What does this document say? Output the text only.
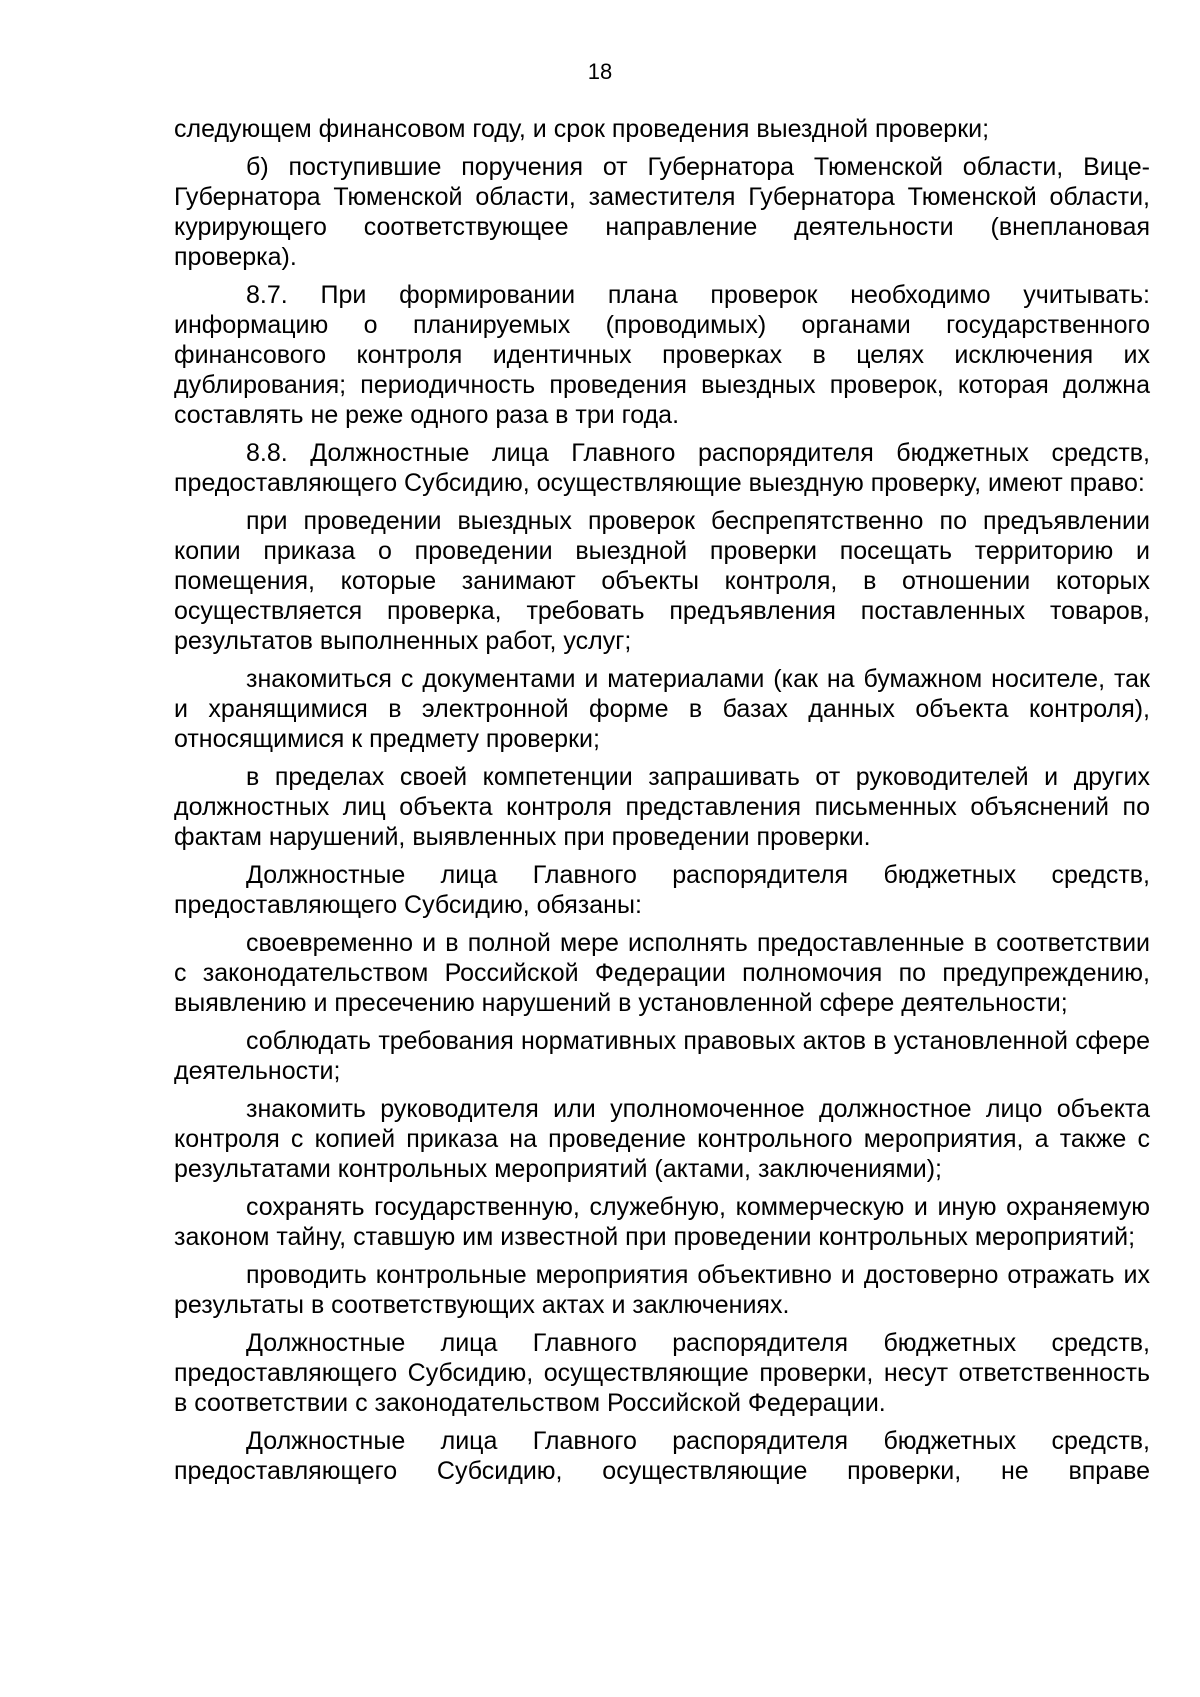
18

следующем финансовом году, и срок проведения выездной проверки;

б) поступившие поручения от Губернатора Тюменской области, Вице-Губернатора Тюменской области, заместителя Губернатора Тюменской области, курирующего соответствующее направление деятельности (внеплановая проверка).

8.7. При формировании плана проверок необходимо учитывать: информацию о планируемых (проводимых) органами государственного финансового контроля идентичных проверках в целях исключения их дублирования; периодичность проведения выездных проверок, которая должна составлять не реже одного раза в три года.

8.8. Должностные лица Главного распорядителя бюджетных средств, предоставляющего Субсидию, осуществляющие выездную проверку, имеют право:

при проведении выездных проверок беспрепятственно по предъявлении копии приказа о проведении выездной проверки посещать территорию и помещения, которые занимают объекты контроля, в отношении которых осуществляется проверка, требовать предъявления поставленных товаров, результатов выполненных работ, услуг;

знакомиться с документами и материалами (как на бумажном носителе, так и хранящимися в электронной форме в базах данных объекта контроля), относящимися к предмету проверки;

в пределах своей компетенции запрашивать от руководителей и других должностных лиц объекта контроля представления письменных объяснений по фактам нарушений, выявленных при проведении проверки.

Должностные лица Главного распорядителя бюджетных средств, предоставляющего Субсидию, обязаны:

своевременно и в полной мере исполнять предоставленные в соответствии с законодательством Российской Федерации полномочия по предупреждению, выявлению и пресечению нарушений в установленной сфере деятельности;

соблюдать требования нормативных правовых актов в установленной сфере деятельности;

знакомить руководителя или уполномоченное должностное лицо объекта контроля с копией приказа на проведение контрольного мероприятия, а также с результатами контрольных мероприятий (актами, заключениями);

сохранять государственную, служебную, коммерческую и иную охраняемую законом тайну, ставшую им известной при проведении контрольных мероприятий;

проводить контрольные мероприятия объективно и достоверно отражать их результаты в соответствующих актах и заключениях.

Должностные лица Главного распорядителя бюджетных средств, предоставляющего Субсидию, осуществляющие проверки, несут ответственность в соответствии с законодательством Российской Федерации.

Должностные лица Главного распорядителя бюджетных средств, предоставляющего Субсидию, осуществляющие проверки, не вправе
